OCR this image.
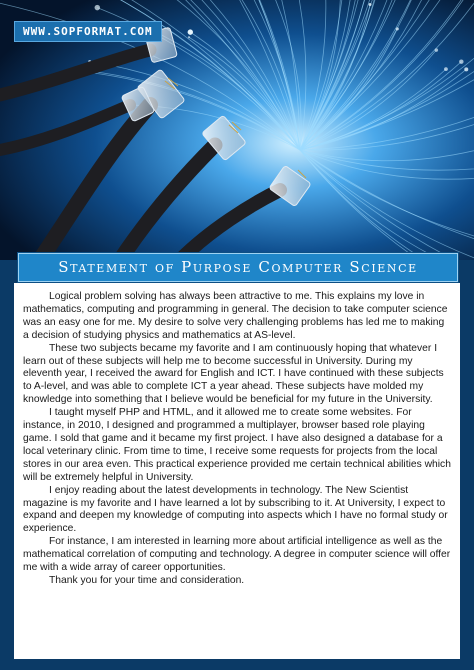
WWW.SOPFORMAT.COM
Statement of Purpose Computer Science

Logical problem solving has always been attractive to me. This explains my love in mathematics, computing and programming in general. The decision to take computer science was an easy one for me. My desire to solve very challenging problems has led me to making a decision of studying physics and mathematics at AS-level.

These two subjects became my favorite and I am continuously hoping that whatever I learn out of these subjects will help me to become successful in University. During my eleventh year, I received the award for English and ICT. I have continued with these subjects to A-level, and was able to complete ICT a year ahead. These subjects have molded my knowledge into something that I believe would be beneficial for my future in the University.

I taught myself PHP and HTML, and it allowed me to create some websites. For instance, in 2010, I designed and programmed a multiplayer, browser based role playing game. I sold that game and it became my first project. I have also designed a database for a local veterinary clinic. From time to time, I receive some requests for projects from the local stores in our area even. This practical experience provided me certain technical abilities which will be extremely helpful in University.

I enjoy reading about the latest developments in technology. The New Scientist magazine is my favorite and I have learned a lot by subscribing to it. At University, I expect to expand and deepen my knowledge of computing into aspects which I have no formal study or experience.

For instance, I am interested in learning more about artificial intelligence as well as the mathematical correlation of computing and technology. A degree in computer science will offer me with a wide array of career opportunities.

Thank you for your time and consideration.
